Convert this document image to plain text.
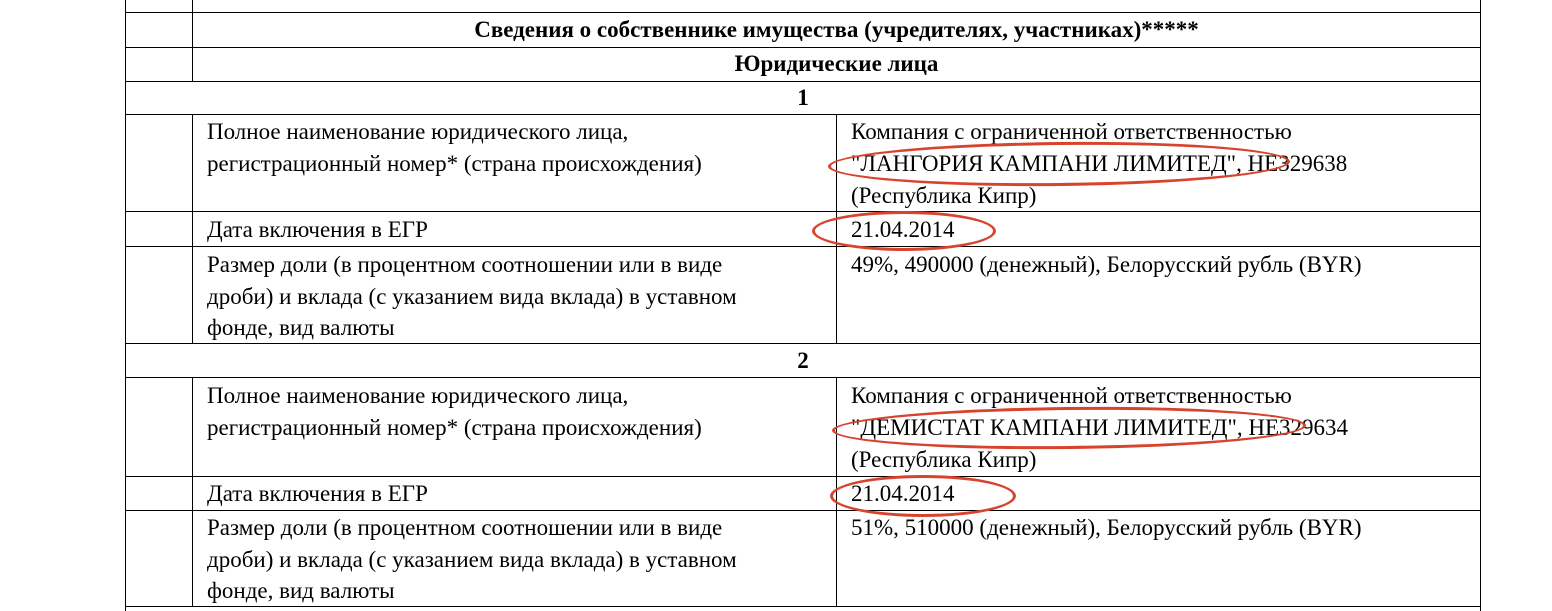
Сведения о собственнике имущества (учредителях, участниках)*****
Юридические лица
1
Полное наименование юридического лица,
регистрационный номер* (страна происхождения)
Компания с ограниченной ответственностью
"ЛАНГОРИЯ КАМПАНИ ЛИМИТЕД", НЕ329638
(Республика Кипр)
Дата включения в ЕГР	21.04.2014
Размер доли (в процентном соотношении или в виде
дроби) и вклада (с указанием вида вклада) в уставном
фонде, вид валюты
49%, 490000 (денежный), Белорусский рубль (BYR)
2
Полное наименование юридического лица,
регистрационный номер* (страна происхождения)
Компания с ограниченной ответственностью
"ДЕМИСТАТ КАМПАНИ ЛИМИТЕД", НЕ329634
(Республика Кипр)
Дата включения в ЕГР	21.04.2014
Размер доли (в процентном соотношении или в виде
дроби) и вклада (с указанием вида вклада) в уставном
фонде, вид валюты
51%, 510000 (денежный), Белорусский рубль (BYR)
